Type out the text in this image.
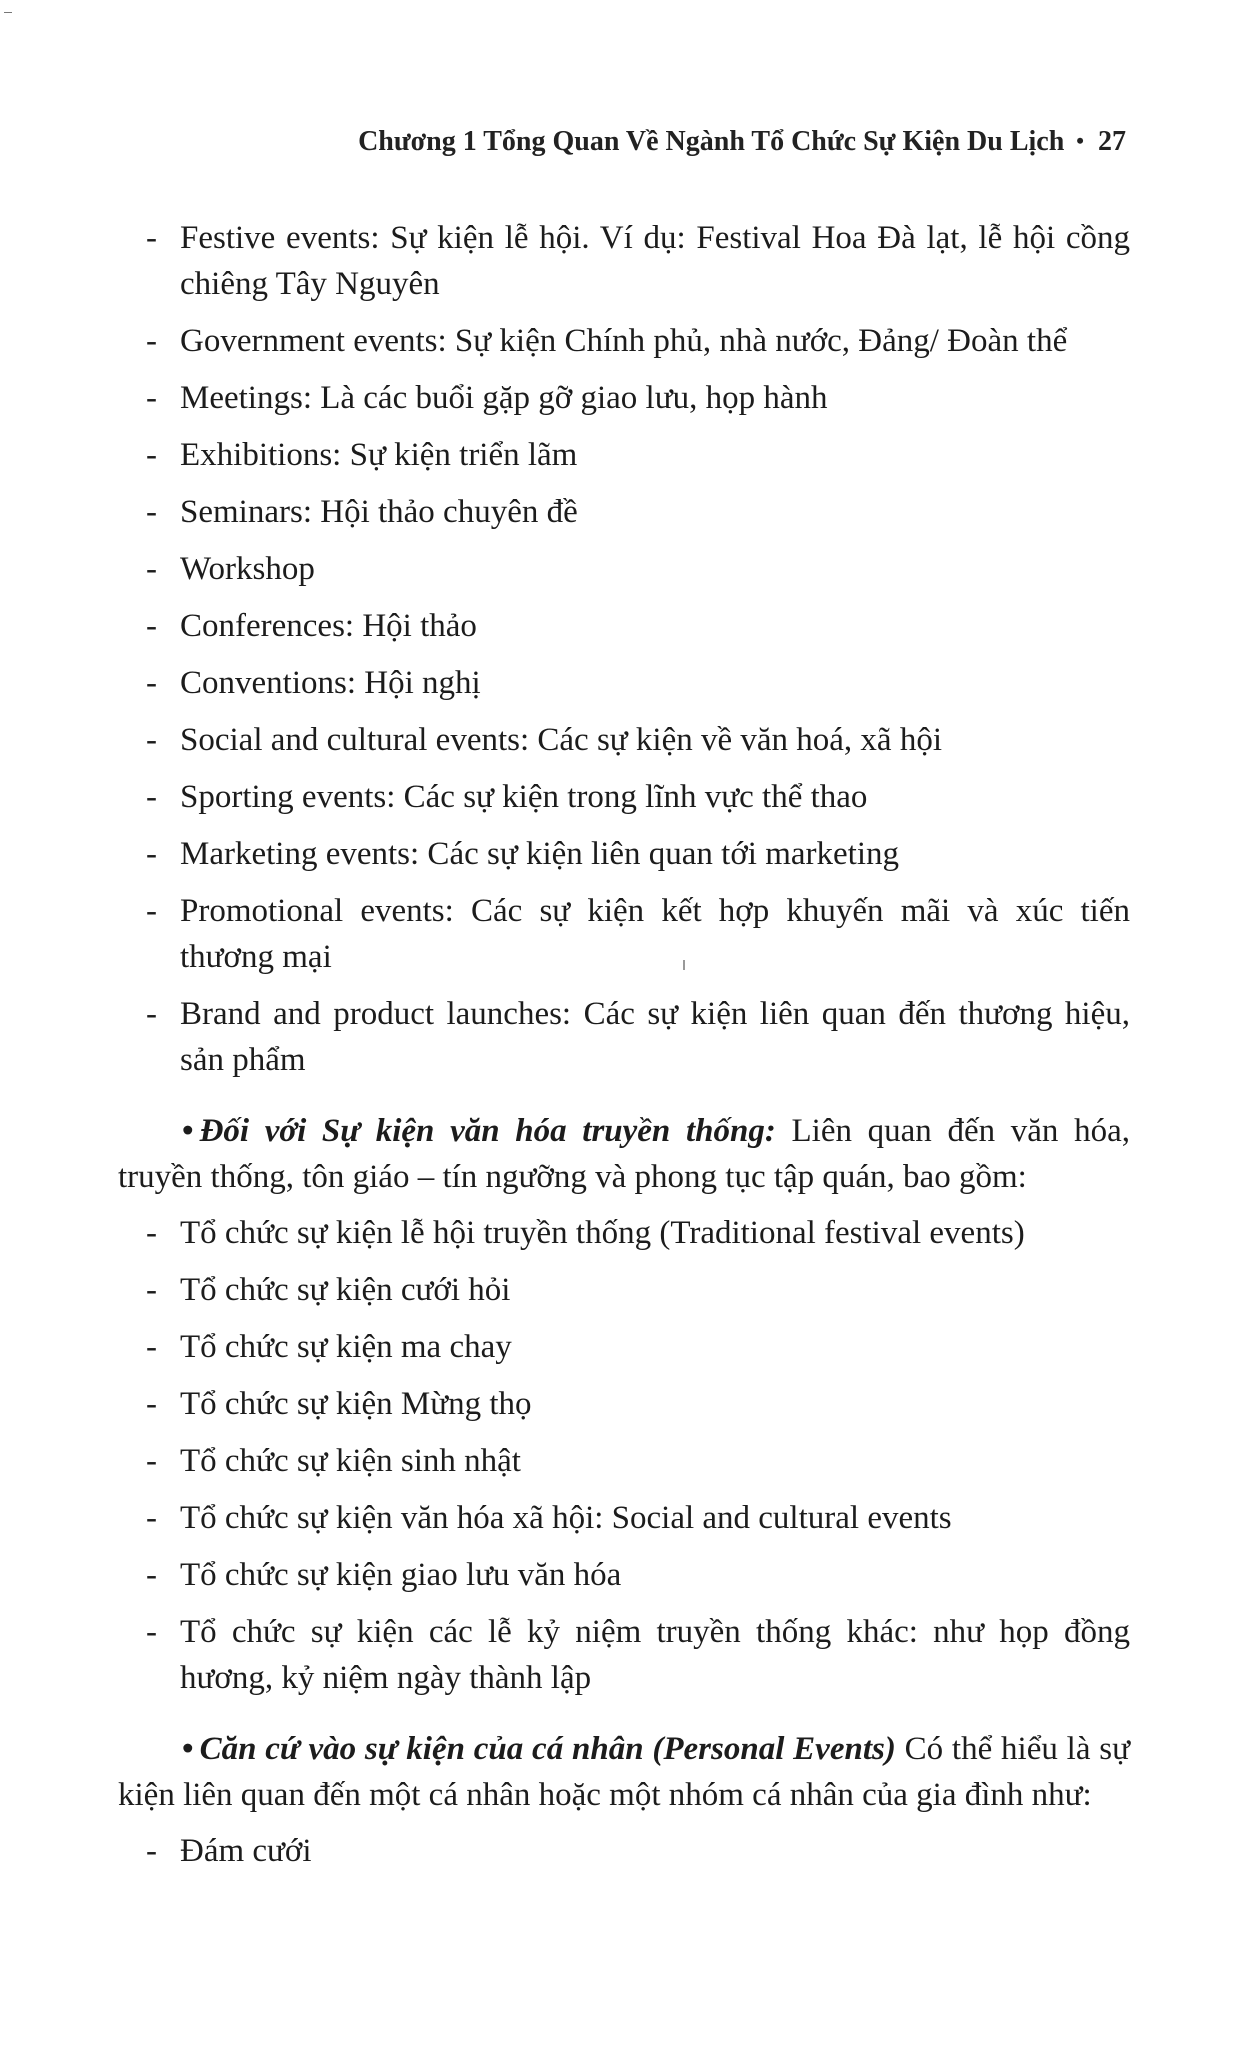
Chương 1 Tổng Quan Về Ngành Tổ Chức Sự Kiện Du Lịch • 27
- Festive events: Sự kiện lễ hội. Ví dụ: Festival Hoa Đà lạt, lễ hội cồng chiêng Tây Nguyên
- Government events: Sự kiện Chính phủ, nhà nước, Đảng/ Đoàn thể
- Meetings: Là các buổi gặp gỡ giao lưu, họp hành
- Exhibitions: Sự kiện triển lãm
- Seminars: Hội thảo chuyên đề
- Workshop
- Conferences: Hội thảo
- Conventions: Hội nghị
- Social and cultural events: Các sự kiện về văn hoá, xã hội
- Sporting events: Các sự kiện trong lĩnh vực thể thao
- Marketing events: Các sự kiện liên quan tới marketing
- Promotional events: Các sự kiện kết hợp khuyến mãi và xúc tiến thương mại
- Brand and product launches: Các sự kiện liên quan đến thương hiệu, sản phẩm

• Đối với Sự kiện văn hóa truyền thống: Liên quan đến văn hóa, truyền thống, tôn giáo – tín ngưỡng và phong tục tập quán, bao gồm:

- Tổ chức sự kiện lễ hội truyền thống (Traditional festival events)
- Tổ chức sự kiện cưới hỏi
- Tổ chức sự kiện ma chay
- Tổ chức sự kiện Mừng thọ
- Tổ chức sự kiện sinh nhật
- Tổ chức sự kiện văn hóa xã hội: Social and cultural events
- Tổ chức sự kiện giao lưu văn hóa
- Tổ chức sự kiện các lễ kỷ niệm truyền thống khác: như họp đồng hương, kỷ niệm ngày thành lập

• Căn cứ vào sự kiện của cá nhân (Personal Events) Có thể hiểu là sự kiện liên quan đến một cá nhân hoặc một nhóm cá nhân của gia đình như:

- Đám cưới
